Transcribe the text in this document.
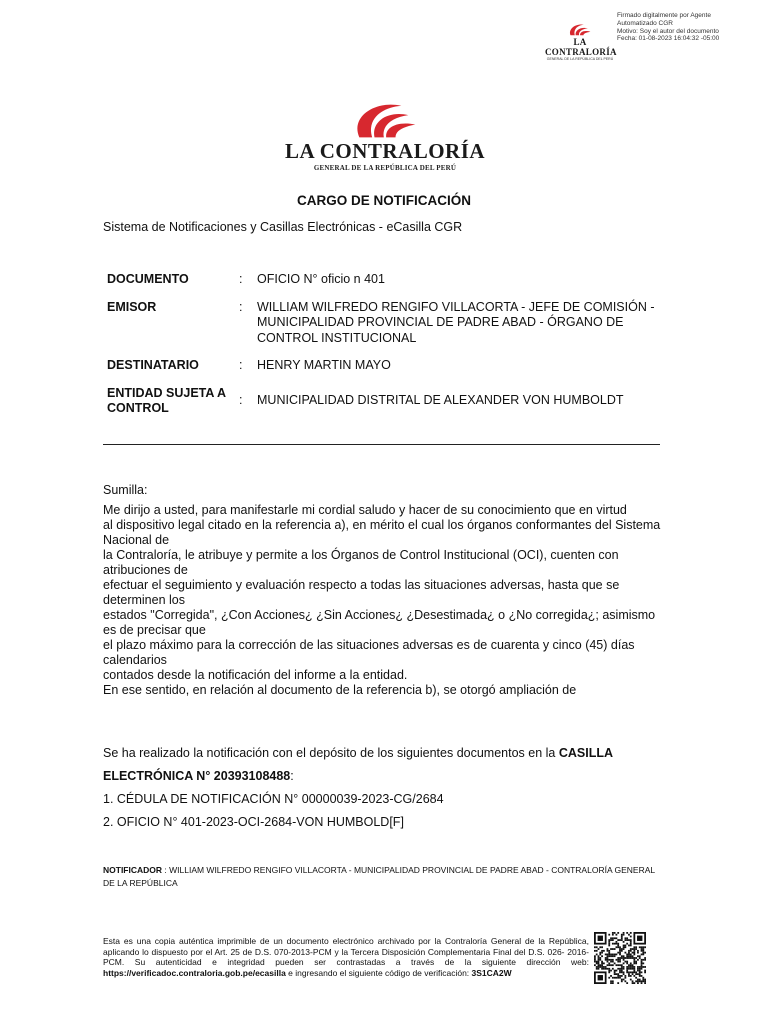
LA CONTRALORÍA
GENERAL DE LA REPÚBLICA DEL PERÚ
Firmado digitalmente por Agente
Automatizado CGR
Motivo: Soy el autor del documento
Fecha: 01-08-2023 16:04:32 -05:00
LA CONTRALORÍA
GENERAL DE LA REPÚBLICA DEL PERÚ
CARGO DE NOTIFICACIÓN
Sistema de Notificaciones y Casillas Electrónicas - eCasilla CGR
DOCUMENTO	:	OFICIO N° oficio n 401

EMISOR	:	WILLIAM WILFREDO RENGIFO VILLACORTA - JEFE DE COMISIÓN - MUNICIPALIDAD PROVINCIAL DE PADRE ABAD - ÓRGANO DE CONTROL INSTITUCIONAL

DESTINATARIO	:	HENRY MARTIN MAYO

ENTIDAD SUJETA A CONTROL	:	MUNICIPALIDAD DISTRITAL DE ALEXANDER VON HUMBOLDT

Sumilla:

Me dirijo a usted, para manifestarle mi cordial saludo y hacer de su conocimiento que en virtud

al dispositivo legal citado en la referencia a), en mérito el cual los órganos conformantes del Sistema

Nacional de

la Contraloría, le atribuye y permite a los Órganos de Control Institucional (OCI), cuenten con

atribuciones de

efectuar el seguimiento y evaluación respecto a todas las situaciones adversas, hasta que se

determinen los

estados "Corregida", ¿Con Acciones¿ ¿Sin Acciones¿ ¿Desestimada¿ o ¿No corregida¿; asimismo

es de precisar que

el plazo máximo para la corrección de las situaciones adversas es de cuarenta y cinco (45) días

calendarios

contados desde la notificación del informe a la entidad.

En ese sentido, en relación al documento de la referencia b), se otorgó ampliación de

Se ha realizado la notificación con el depósito de los siguientes documentos en la CASILLA ELECTRÓNICA N° 20393108488:

1. CÉDULA DE NOTIFICACIÓN N° 00000039-2023-CG/2684

2. OFICIO N° 401-2023-OCI-2684-VON HUMBOLD[F]

NOTIFICADOR : WILLIAM WILFREDO RENGIFO VILLACORTA - MUNICIPALIDAD PROVINCIAL DE PADRE ABAD - CONTRALORÍA GENERAL DE LA REPÚBLICA
Esta es una copia auténtica imprimible de un documento electrónico archivado por la Contraloría General de la República, aplicando lo dispuesto por el Art. 25 de D.S. 070-2013-PCM y la Tercera Disposición Complementaria Final del D.S. 026- 2016-PCM. Su autenticidad e integridad pueden ser contrastadas a través de la siguiente dirección web: https://verificadoc.contraloria.gob.pe/ecasilla e ingresando el siguiente código de verificación: 3S1CA2W
